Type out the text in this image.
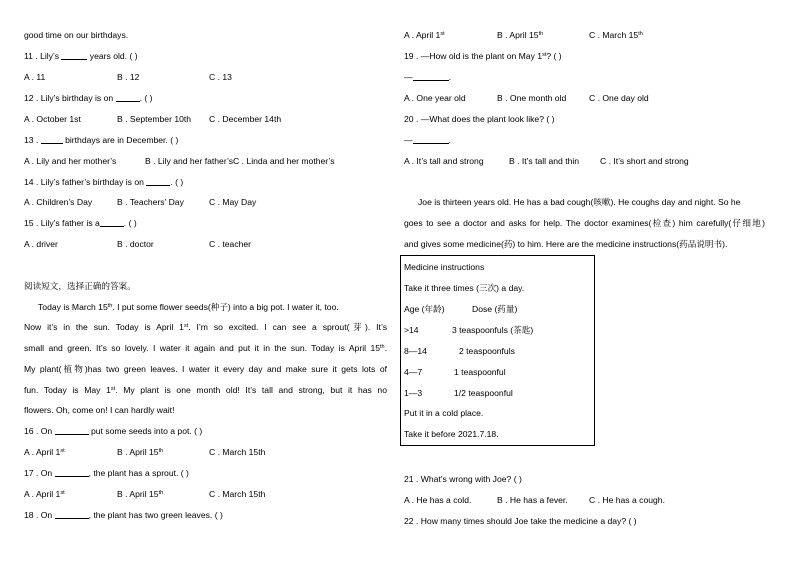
good time on our birthdays.
11 . Lily’s	years old. ( )
A . 11	B . 12	C . 13
12 . Lily’s birthday is on	. ( )
A . October 1st	B . September 10th C . December 14th
13 .	birthdays are in December. ( )
A . Lily and her mother’s	B . Lily and her father’sC . Linda and her mother’s
14 . Lily’s father’s birthday is on	. ( )
A . Children’s Day	B . Teachers’ Day	C . May Day
15 . Lily’s father is a	. ( )
A . driver	B . doctor	C . teacher
阅读短文，选择正确的答案。
Today is March 15th. I put some flower seeds(种子) into a big pot. I water it, too.
Now it’s in the sun. Today is April 1st. I’m so excited. I can see a sprout(芽). It’s
small and green. It’s so lovely. I water it again and put it in the sun. Today is April 15th.
My plant(植物)has two green leaves. I water it every day and make sure it gets lots of
fun. Today is May 1st. My plant is one month old! It’s tall and strong, but it has no
flowers. Oh, come on! I can hardly wait!
16 . On	put some seeds into a pot. ( )
A . April 1st	B . April 15th	C . March 15th
17 . On	, the plant has a sprout. ( )
A . April 1st	B . April 15th	C . March 15th
18 . On	, the plant has two green leaves. ( )
A . April 1st	B . April 15th	C . March 15th
19 . —How old is the plant on May 1st? ( )
—	.
A . One year old	B . One month old	C . One day old
20 . —What does the plant look like? ( )
—	.
A . It’s tall and strong	B . It’s tall and thin C . It’s short and strong
Joe is thirteen years old. He has a bad cough(咳嗽). He coughs day and night. So he
goes to see a doctor and asks for help. The doctor examines(检查) him carefully(仔细地)
and gives some medicine(药) to him. Here are the medicine instructions(药品说明书).
Medicine instructions
Take it three times (三次) a day.
Age (年龄)	Dose (药量)
>14	3 teaspoonfuls (茶匙)
8—14	2 teaspoonfuls
4—7	1 teaspoonful
1—3	1/2 teaspoonful
Put it in a cold place.
Take it before 2021.7.18.
21 . What’s wrong with Joe? ( )
A . He has a cold.	B . He has a fever. C . He has a cough.
22 . How many times should Joe take the medicine a day? ( )
